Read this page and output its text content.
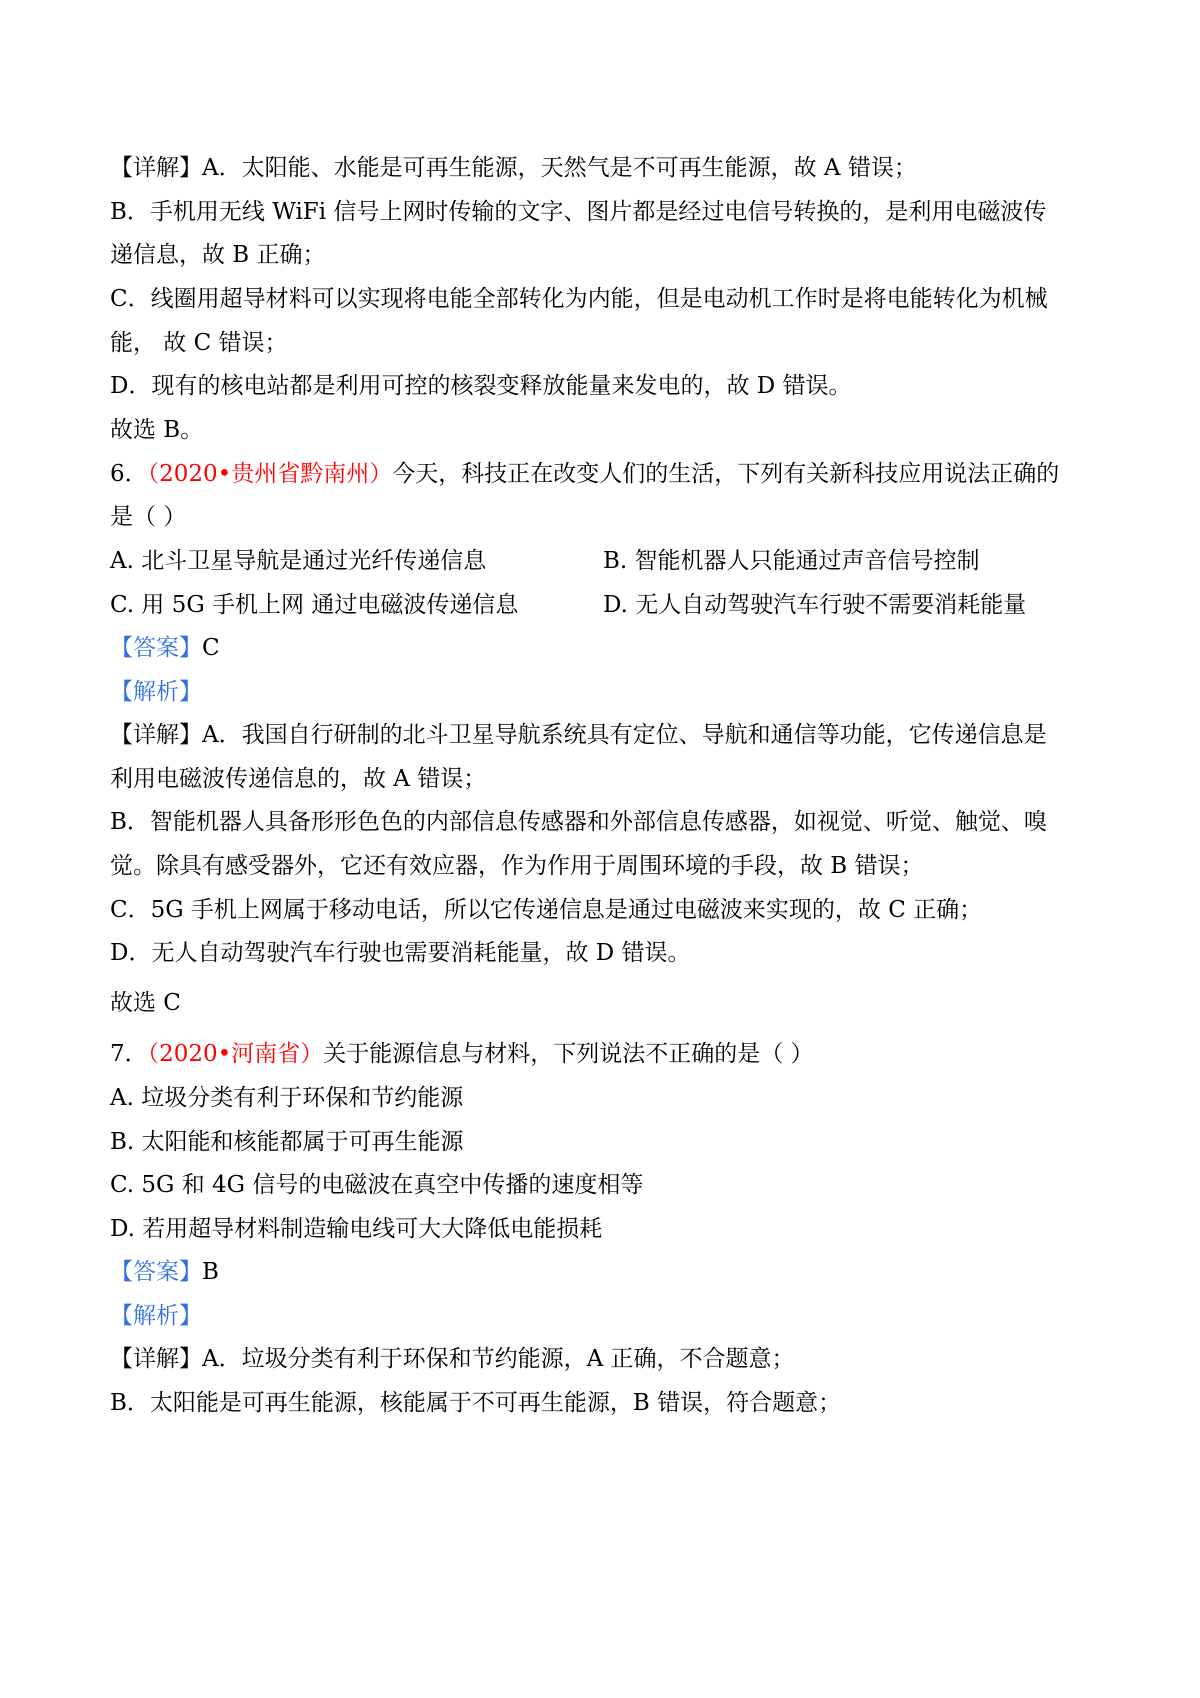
【详解】A．太阳能、水能是可再生能源，天然气是不可再生能源，故 A 错误；
B．手机用无线 WiFi 信号上网时传输的文字、图片都是经过电信号转换的，是利用电磁波传
递信息，故 B 正确；
C．线圈用超导材料可以实现将电能全部转化为内能，但是电动机工作时是将电能转化为机械
能， 故 C 错误；
D．现有的核电站都是利用可控的核裂变释放能量来发电的，故 D 错误。
故选 B。
6．（2020•贵州省黔南州）今天，科技正在改变人们的生活，下列有关新科技应用说法正确的
是（ ）
A. 北斗卫星导航是通过光纤传递信息	B. 智能机器人只能通过声音信号控制
C. 用 5G 手机上网 通过电磁波传递信息	D. 无人自动驾驶汽车行驶不需要消耗能量
【答案】C
【解析】
【详解】A．我国自行研制的北斗卫星导航系统具有定位、导航和通信等功能，它传递信息是
利用电磁波传递信息的，故 A 错误；
B．智能机器人具备形形色色的内部信息传感器和外部信息传感器，如视觉、听觉、触觉、嗅
觉。除具有感受器外，它还有效应器，作为作用于周围环境的手段，故 B 错误；
C．5G 手机上网属于移动电话，所以它传递信息是通过电磁波来实现的，故 C 正确；
D．无人自动驾驶汽车行驶也需要消耗能量，故 D 错误。
故选 C
7．（2020•河南省）关于能源信息与材料，下列说法不正确的是（ ）
A. 垃圾分类有利于环保和节约能源
B. 太阳能和核能都属于可再生能源
C. 5G 和 4G 信号的电磁波在真空中传播的速度相等
D. 若用超导材料制造输电线可大大降低电能损耗
【答案】B
【解析】
【详解】A．垃圾分类有利于环保和节约能源，A 正确，不合题意；
B．太阳能是可再生能源，核能属于不可再生能源，B 错误，符合题意；
